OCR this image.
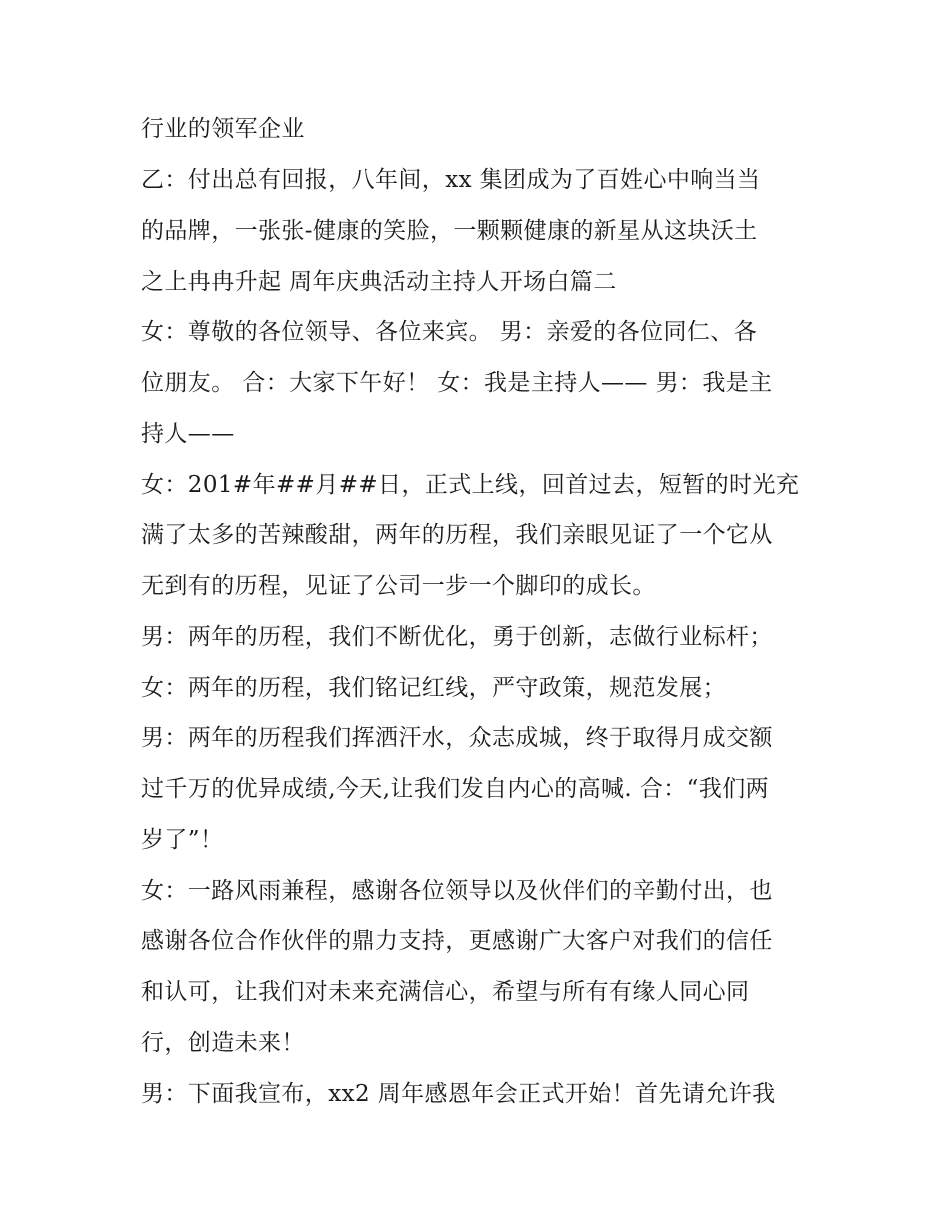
行业的领军企业

乙：付出总有回报，八年间，xx 集团成为了百姓心中响当当

的品牌，一张张-健康的笑脸，一颗颗健康的新星从这块沃土

之上冉冉升起 周年庆典活动主持人开场白篇二

女：尊敬的各位领导、各位来宾。 男：亲爱的各位同仁、各

位朋友。 合：大家下午好！ 女：我是主持人—— 男：我是主

持人——

女：201#年##月##日，正式上线，回首过去，短暂的时光充

满了太多的苦辣酸甜，两年的历程，我们亲眼见证了一个它从

无到有的历程，见证了公司一步一个脚印的成长。

男：两年的历程，我们不断优化，勇于创新，志做行业标杆；

女：两年的历程，我们铭记红线，严守政策，规范发展；

男：两年的历程我们挥洒汗水，众志成城，终于取得月成交额

过千万的优异成绩,今天,让我们发自内心的高喊. 合：“我们两

岁了”！

女：一路风雨兼程，感谢各位领导以及伙伴们的辛勤付出，也

感谢各位合作伙伴的鼎力支持，更感谢广大客户对我们的信任

和认可，让我们对未来充满信心，希望与所有有缘人同心同

行，创造未来！

男：下面我宣布，xx2 周年感恩年会正式开始！首先请允许我
